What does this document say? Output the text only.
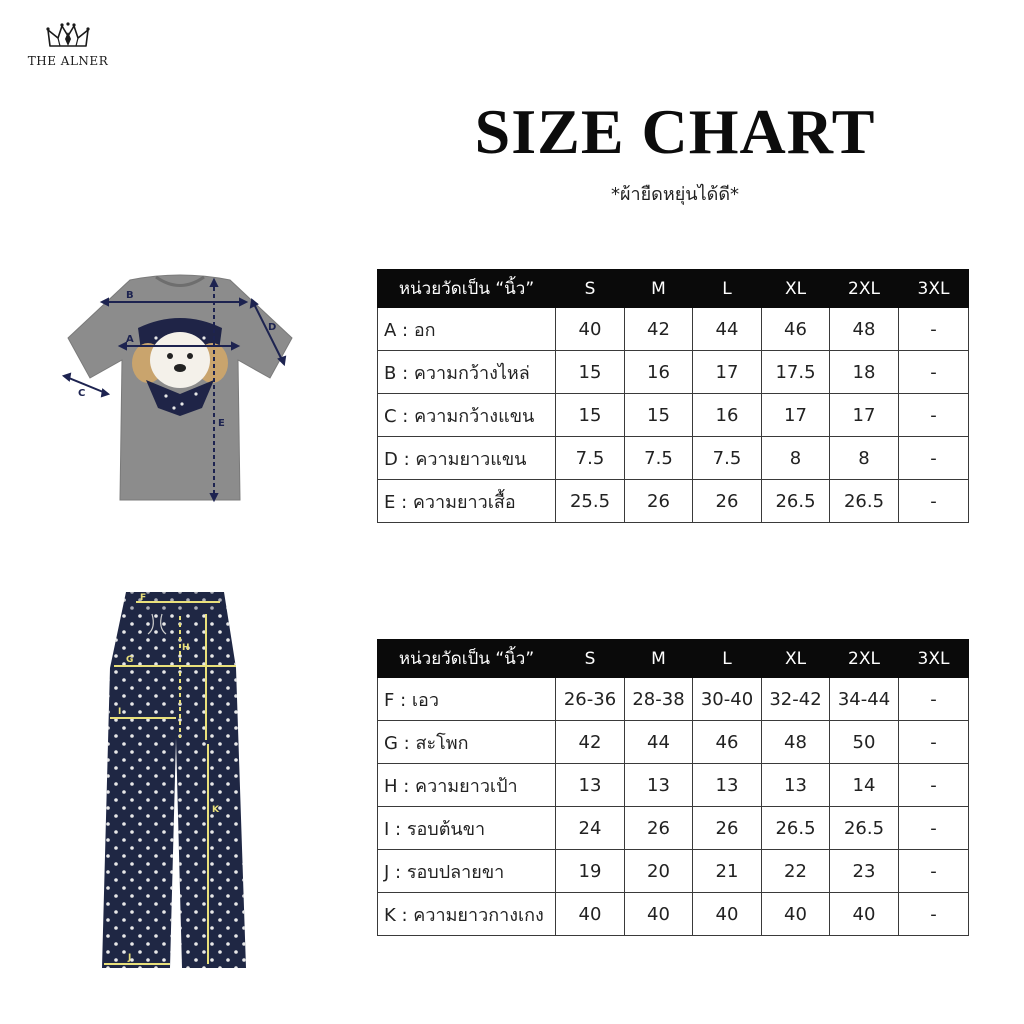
THE ALNER
SIZE CHART
*ผ้ายืดหยุ่นได้ดี*
B
A
D
C
E
F
G
H
I
K
J
หน่วยวัดเป็น “นิ้ว”	S	M	L	XL	2XL	3XL
A : อก	40	42	44	46	48	-
B : ความกว้างไหล่	15	16	17	17.5	18	-
C : ความกว้างแขน	15	15	16	17	17	-
D : ความยาวแขน	7.5	7.5	7.5	8	8	-
E : ความยาวเสื้อ	25.5	26	26	26.5	26.5	-
หน่วยวัดเป็น “นิ้ว”	S	M	L	XL	2XL	3XL
F : เอว	26-36	28-38	30-40	32-42	34-44	-
G : สะโพก	42	44	46	48	50	-
H : ความยาวเป้า	13	13	13	13	14	-
I : รอบต้นขา	24	26	26	26.5	26.5	-
J : รอบปลายขา	19	20	21	22	23	-
K : ความยาวกางเกง	40	40	40	40	40	-
